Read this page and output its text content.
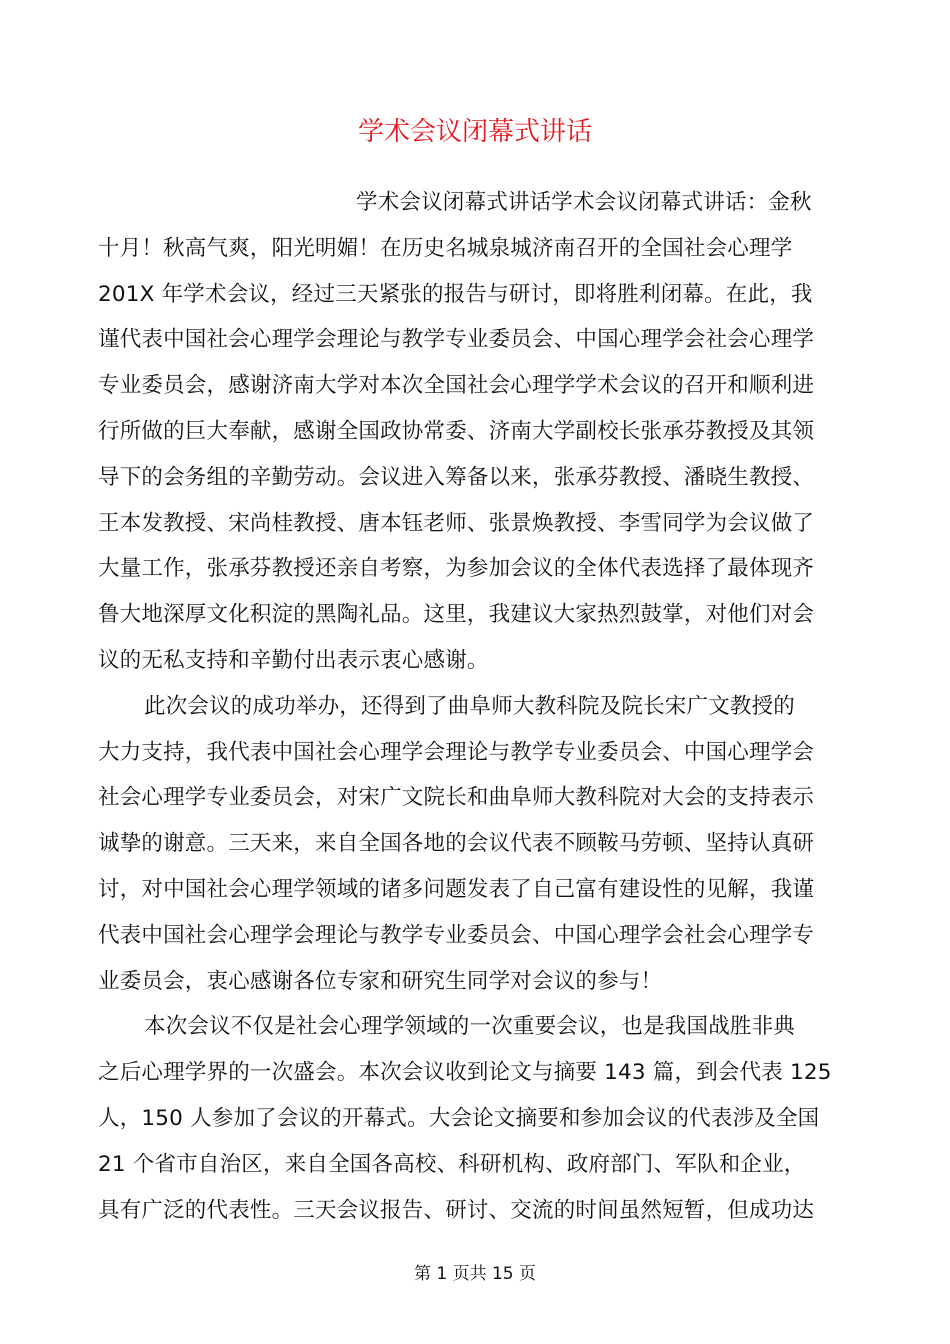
学术会议闭幕式讲话
学术会议闭幕式讲话学术会议闭幕式讲话：金秋
十月！秋高气爽，阳光明媚！在历史名城泉城济南召开的全国社会心理学
201X 年学术会议，经过三天紧张的报告与研讨，即将胜利闭幕。在此，我
谨代表中国社会心理学会理论与教学专业委员会、中国心理学会社会心理学
专业委员会，感谢济南大学对本次全国社会心理学学术会议的召开和顺利进
行所做的巨大奉献，感谢全国政协常委、济南大学副校长张承芬教授及其领
导下的会务组的辛勤劳动。会议进入筹备以来，张承芬教授、潘晓生教授、
王本发教授、宋尚桂教授、唐本钰老师、张景焕教授、李雪同学为会议做了
大量工作，张承芬教授还亲自考察，为参加会议的全体代表选择了最体现齐
鲁大地深厚文化积淀的黑陶礼品。这里，我建议大家热烈鼓掌，对他们对会
议的无私支持和辛勤付出表示衷心感谢。
此次会议的成功举办，还得到了曲阜师大教科院及院长宋广文教授的
大力支持，我代表中国社会心理学会理论与教学专业委员会、中国心理学会
社会心理学专业委员会，对宋广文院长和曲阜师大教科院对大会的支持表示
诚挚的谢意。三天来，来自全国各地的会议代表不顾鞍马劳顿、坚持认真研
讨，对中国社会心理学领域的诸多问题发表了自己富有建设性的见解，我谨
代表中国社会心理学会理论与教学专业委员会、中国心理学会社会心理学专
业委员会，衷心感谢各位专家和研究生同学对会议的参与！
本次会议不仅是社会心理学领域的一次重要会议，也是我国战胜非典
之后心理学界的一次盛会。本次会议收到论文与摘要 143 篇，到会代表 125
人，150 人参加了会议的开幕式。大会论文摘要和参加会议的代表涉及全国
21 个省市自治区，来自全国各高校、科研机构、政府部门、军队和企业，
具有广泛的代表性。三天会议报告、研讨、交流的时间虽然短暂，但成功达
第 1 页共 15 页
